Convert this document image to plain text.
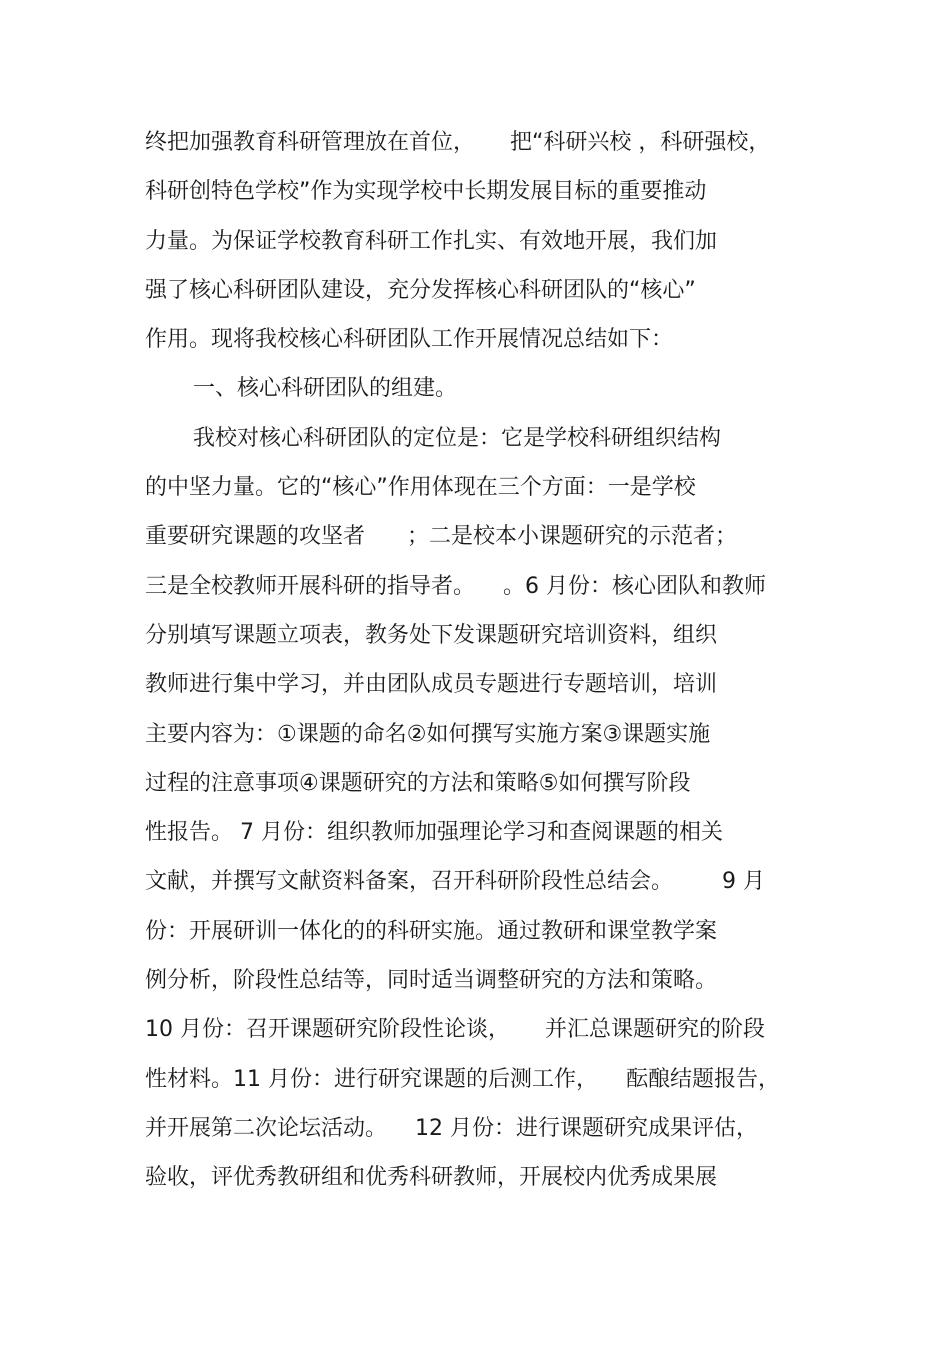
终把加强教育科研管理放在首位，     把“科研兴校 ，科研强校，
科研创特色学校”作为实现学校中长期发展目标的重要推动
力量。为保证学校教育科研工作扎实、有效地开展，我们加
强了核心科研团队建设，充分发挥核心科研团队的“核心”
作用。现将我校核心科研团队工作开展情况总结如下：
一、核心科研团队的组建。
我校对核心科研团队的定位是：它是学校科研组织结构
的中坚力量。它的“核心”作用体现在三个方面：一是学校
重要研究课题的攻坚者      ；二是校本小课题研究的示范者；
三是全校教师开展科研的指导者。    。6 月份：核心团队和教师
分别填写课题立项表，教务处下发课题研究培训资料，组织
教师进行集中学习，并由团队成员专题进行专题培训，培训
主要内容为：①课题的命名②如何撰写实施方案③课题实施
过程的注意事项④课题研究的方法和策略⑤如何撰写阶段
性报告。 7 月份：组织教师加强理论学习和查阅课题的相关
文献，并撰写文献资料备案，召开科研阶段性总结会。       9 月
份：开展研训一体化的的科研实施。通过教研和课堂教学案
例分析，阶段性总结等，同时适当调整研究的方法和策略。
10 月份：召开课题研究阶段性论谈，     并汇总课题研究的阶段
性材料。11 月份：进行研究课题的后测工作，    酝酿结题报告，
并开展第二次论坛活动。    12 月份：进行课题研究成果评估，
验收，评优秀教研组和优秀科研教师，开展校内优秀成果展
